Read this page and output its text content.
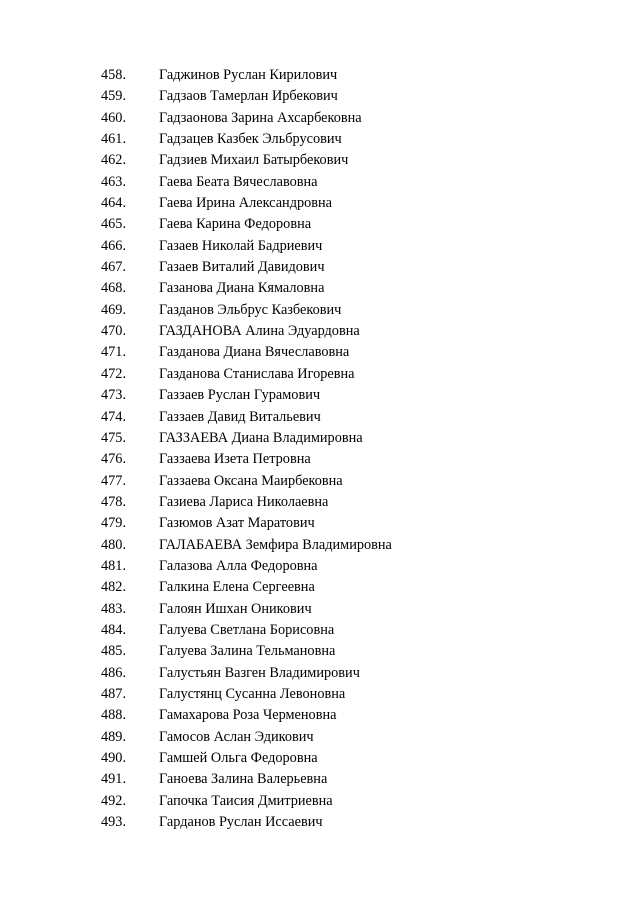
458.	Гаджинов Руслан Кирилович
459.	Гадзаов Тамерлан Ирбекович
460.	Гадзаонова Зарина Ахсарбековна
461.	Гадзацев Казбек Эльбрусович
462.	Гадзиев Михаил Батырбекович
463.	Гаева Беата Вячеславовна
464.	Гаева Ирина Александровна
465.	Гаева Карина Федоровна
466.	Газаев Николай Бадриевич
467.	Газаев Виталий Давидович
468.	Газанова Диана Кямаловна
469.	Газданов Эльбрус Казбекович
470.	ГАЗДАНОВА Алина Эдуардовна
471.	Газданова Диана Вячеславовна
472.	Газданова Станислава Игоревна
473.	Газзаев Руслан Гурамович
474.	Газзаев Давид Витальевич
475.	ГАЗЗАЕВА Диана Владимировна
476.	Газзаева Изета Петровна
477.	Газзаева Оксана Маирбековна
478.	Газиева Лариса Николаевна
479.	Газюмов Азат Маратович
480.	ГАЛАБАЕВА Земфира Владимировна
481.	Галазова Алла Федоровна
482.	Галкина Елена Сергеевна
483.	Галоян Ишхан Оникович
484.	Галуева Светлана Борисовна
485.	Галуева Залина Тельмановна
486.	Галустьян Вазген Владимирович
487.	Галустянц Сусанна Левоновна
488.	Гамахарова Роза Черменовна
489.	Гамосов Аслан Эдикович
490.	Гамшей Ольга Федоровна
491.	Ганоева Залина Валерьевна
492.	Гапочка Таисия Дмитриевна
493.	Гарданов Руслан Иссаевич
